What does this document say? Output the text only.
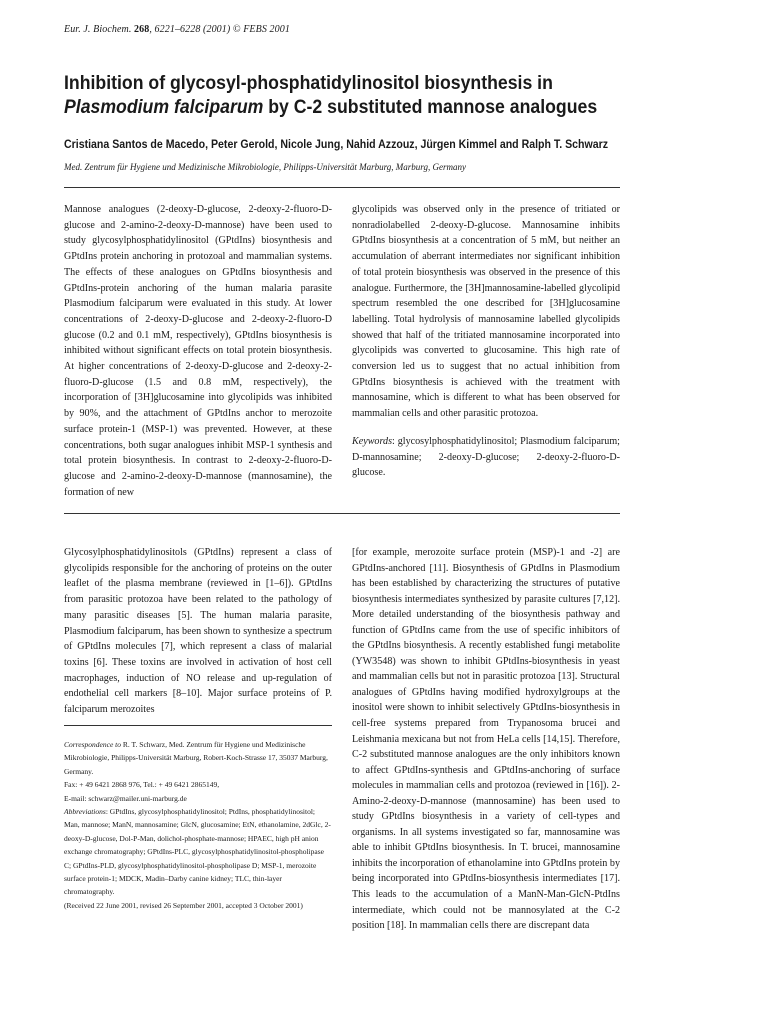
Eur. J. Biochem. 268, 6221–6228 (2001) © FEBS 2001
Inhibition of glycosyl-phosphatidylinositol biosynthesis in Plasmodium falciparum by C-2 substituted mannose analogues
Cristiana Santos de Macedo, Peter Gerold, Nicole Jung, Nahid Azzouz, Jürgen Kimmel and Ralph T. Schwarz
Med. Zentrum für Hygiene und Medizinische Mikrobiologie, Philipps-Universität Marburg, Marburg, Germany

Mannose analogues (2-deoxy-D-glucose, 2-deoxy-2-fluoro-D-glucose and 2-amino-2-deoxy-D-mannose) have been used to study glycosylphosphatidylinositol (GPtdIns) biosynthesis and GPtdIns protein anchoring in protozoal and mammalian systems. The effects of these analogues on GPtdIns biosynthesis and GPtdIns-protein anchoring of the human malaria parasite Plasmodium falciparum were evaluated in this study. At lower concentrations of 2-deoxy-D-glucose and 2-deoxy-2-fluoro-D glucose (0.2 and 0.1 mM, respectively), GPtdIns biosynthesis is inhibited without significant effects on total protein biosynthesis. At higher concentrations of 2-deoxy-D-glucose and 2-deoxy-2-fluoro-D-glucose (1.5 and 0.8 mM, respectively), the incorporation of [3H]glucosamine into glycolipids was inhibited by 90%, and the attachment of GPtdIns anchor to merozoite surface protein-1 (MSP-1) was prevented. However, at these concentrations, both sugar analogues inhibit MSP-1 synthesis and total protein biosynthesis. In contrast to 2-deoxy-2-fluoro-D-glucose and 2-amino-2-deoxy-D-mannose (mannosamine), the formation of new

glycolipids was observed only in the presence of tritiated or nonradiolabelled 2-deoxy-D-glucose. Mannosamine inhibits GPtdIns biosynthesis at a concentration of 5 mM, but neither an accumulation of aberrant intermediates nor significant inhibition of total protein biosynthesis was observed in the presence of this analogue. Furthermore, the [3H]mannosamine-labelled glycolipid spectrum resembled the one described for [3H]glucosamine labelling. Total hydrolysis of mannosamine labelled glycolipids showed that half of the tritiated mannosamine incorporated into glycolipids was converted to glucosamine. This high rate of conversion led us to suggest that no actual inhibition from GPtdIns biosynthesis is achieved with the treatment with mannosamine, which is different to what has been observed for mammalian cells and other parasitic protozoa.

Keywords: glycosylphosphatidylinositol; Plasmodium falciparum; D-mannosamine; 2-deoxy-D-glucose; 2-deoxy-2-fluoro-D-glucose.

Glycosylphosphatidylinositols (GPtdIns) represent a class of glycolipids responsible for the anchoring of proteins on the outer leaflet of the plasma membrane (reviewed in [1–6]). GPtdIns from parasitic protozoa have been related to the pathology of many parasitic diseases [5]. The human malaria parasite, Plasmodium falciparum, has been shown to synthesize a spectrum of GPtdIns molecules [7], which represent a class of malarial toxins [6]. These toxins are involved in activation of host cell macrophages, induction of NO release and up-regulation of endothelial cell markers [8–10]. Major surface proteins of P. falciparum merozoites

Correspondence to R. T. Schwarz, Med. Zentrum für Hygiene und Medizinische Mikrobiologie, Philipps-Universität Marburg, Robert-Koch-Strasse 17, 35037 Marburg, Germany.

Fax: + 49 6421 2868 976, Tel.: + 49 6421 2865149,

E-mail: schwarz@mailer.uni-marburg.de

Abbreviations: GPtdIns, glycosylphosphatidylinositol; PtdIns, phosphatidylinositol; Man, mannose; ManN, mannosamine; GlcN, glucosamine; EtN, ethanolamine, 2dGlc, 2-deoxy-D-glucose, Dol-P-Man, dolichol-phosphate-mannose; HPAEC, high pH anion exchange chromatography; GPtdIns-PLC, glycosylphosphatidylinositol-phospholipase C; GPtdIns-PLD, glycosylphosphatidylinositol-phospholipase D; MSP-1, merozoite surface protein-1; MDCK, Madin–Darby canine kidney; TLC, thin-layer chromatography.

(Received 22 June 2001, revised 26 September 2001, accepted 3 October 2001)

[for example, merozoite surface protein (MSP)-1 and -2] are GPtdIns-anchored [11]. Biosynthesis of GPtdIns in Plasmodium has been established by characterizing the structures of putative biosynthesis intermediates synthesized by parasite cultures [7,12]. More detailed understanding of the biosynthesis pathway and function of GPtdIns came from the use of specific inhibitors of the GPtdIns biosynthesis. A recently established fungi metabolite (YW3548) was shown to inhibit GPtdIns-biosynthesis in yeast and mammalian cells but not in parasitic protozoa [13]. Structural analogues of GPtdIns having modified hydroxylgroups at the inositol were shown to inhibit selectively GPtdIns-biosynthesis in cell-free systems prepared from Trypanosoma brucei and Leishmania mexicana but not from HeLa cells [14,15]. Therefore, C-2 substituted mannose analogues are the only inhibitors known to affect GPtdIns-synthesis and GPtdIns-anchoring of surface molecules in mammalian cells and protozoa (reviewed in [16]). 2-Amino-2-deoxy-D-mannose (mannosamine) has been used to study GPtdIns biosynthesis in a variety of cell-types and organisms. In all systems investigated so far, mannosamine was able to inhibit GPtdIns biosynthesis. In T. brucei, mannosamine inhibits the incorporation of ethanolamine into GPtdIns protein by being incorporated into GPtdIns-biosynthesis intermediates [17]. This leads to the accumulation of a ManN-Man-GlcN-PtdIns intermediate, which could not be mannosylated at the C-2 position [18]. In mammalian cells there are discrepant data
